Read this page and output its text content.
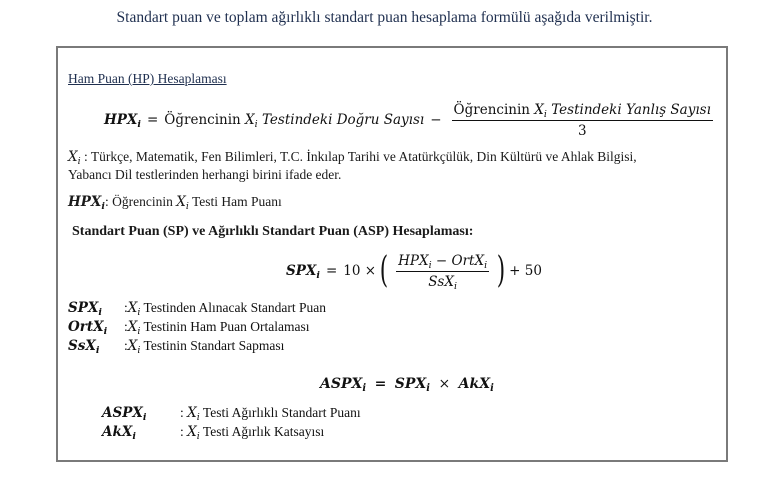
Standart puan ve toplam ağırlıklı standart puan hesaplama formülü aşağıda verilmiştir.
Ham Puan (HP) Hesaplaması
$HPX_i$ = Öğrencinin $X_i$ Testindeki Doğru Sayısı − $\frac{Öğrencinin X_i Testindeki Yanlış Sayısı}{3}$
$X_i$ : Türkçe, Matematik, Fen Bilimleri, T.C. İnkılap Tarihi ve Atatürkçülük, Din Kültürü ve Ahlak Bilgisi,
Yabancı Dil testlerinden herhangi birini ifade eder.
$HPX_i$: Öğrencinin $X_i$ Testi Ham Puanı
Standart Puan (SP) ve Ağırlıklı Standart Puan (ASP) Hesaplaması:
$SPX_i = 10$ × ( $\frac{HPX_i - OrtX_i}{SsX_i}$ ) + 50
$SPX_i$ $:X_i$ Testinden Alınacak Standart Puan
OrtX$_i$ $:X_i$ Testinin Ham Puan Ortalaması
SsX$_i$ $:X_i$ Testinin Standart Sapması
$ASPX_i = SPX_i \times AkX_i$
$ASPX_i$ : $X_i$ Testi Ağırlıklı Standart Puanı
AkX$_i$	: $X_i$ Testi Ağırlık Katsayısı
